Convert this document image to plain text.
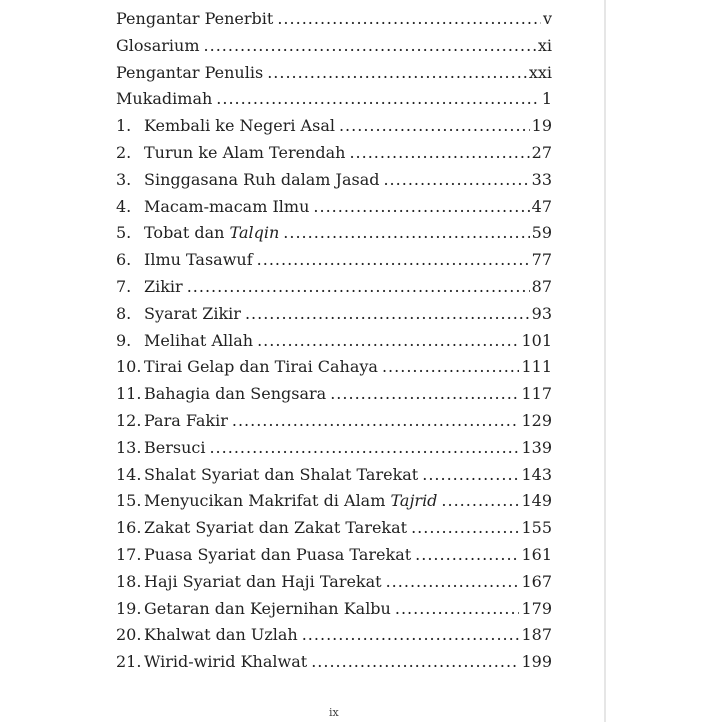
Pengantar Penerbit .....	v
Glosarium .....	xi
Pengantar Penulis .....	xxi
Mukadimah .....	1
1. Kembali ke Negeri Asal .....	19
2. Turun ke Alam Terendah .....	27
3. Singgasana Ruh dalam Jasad .....	33
4. Macam-macam Ilmu .....	47
5. Tobat dan Talqin .....	59
6. Ilmu Tasawuf .....	77
7. Zikir .....	87
8. Syarat Zikir .....	93
9. Melihat Allah .....	101
10. Tirai Gelap dan Tirai Cahaya .....	111
11. Bahagia dan Sengsara .....	117
12. Para Fakir .....	129
13. Bersuci .....	139
14. Shalat Syariat dan Shalat Tarekat .....	143
15. Menyucikan Makrifat di Alam Tajrid .....	149
16. Zakat Syariat dan Zakat Tarekat .....	155
17. Puasa Syariat dan Puasa Tarekat .....	161
18. Haji Syariat dan Haji Tarekat .....	167
19. Getaran dan Kejernihan Kalbu .....	179
20. Khalwat dan Uzlah .....	187
21. Wirid-wirid Khalwat .....	199
ix
